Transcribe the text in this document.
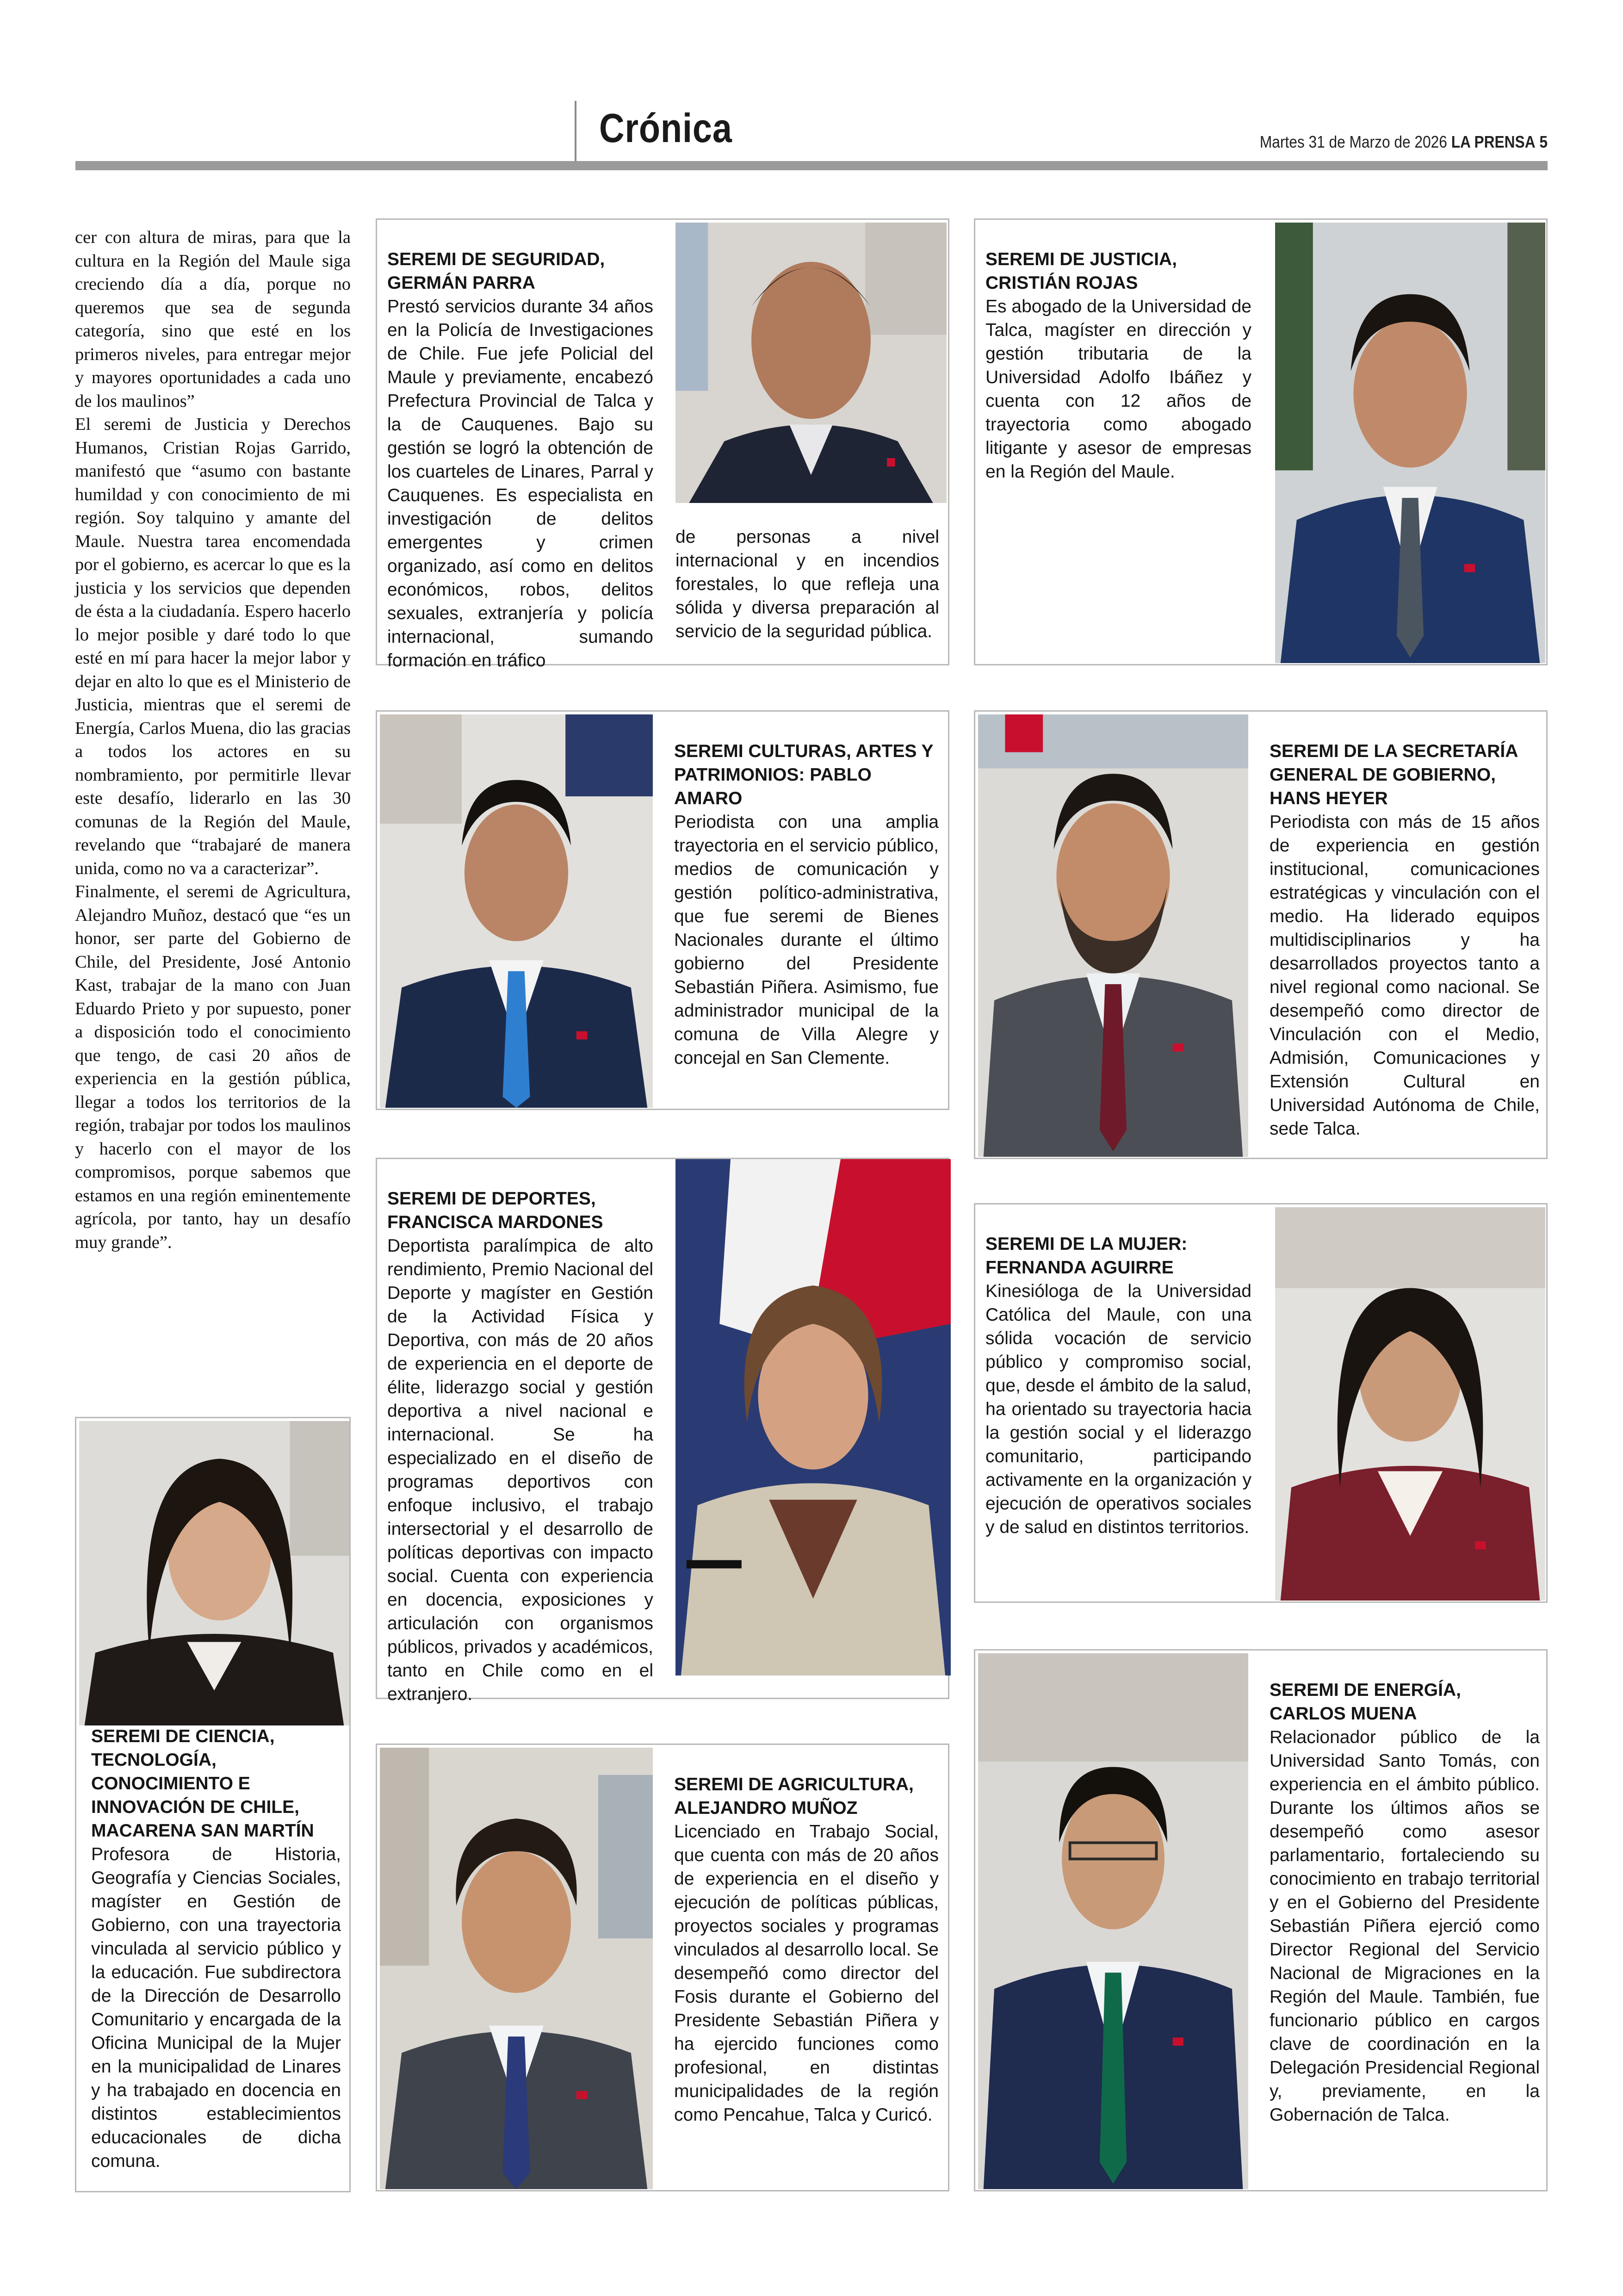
Crónica	Martes 31 de Marzo de 2026 LA PRENSA 5

cer con altura de miras, para que la cultura en la Región del Maule siga creciendo día a día, porque no queremos que sea de segunda categoría, sino que esté en los primeros niveles, para entregar mejor y mayores oportunidades a cada uno de los maulinos”

El seremi de Justicia y Derechos Humanos, Cristian Rojas Garrido, manifestó que “asumo con bastante humildad y con conocimiento de mi región. Soy talquino y amante del Maule. Nuestra tarea encomendada por el gobierno, es acercar lo que es la justicia y los servicios que dependen de ésta a la ciudadanía. Espero hacerlo lo mejor posible y daré todo lo que esté en mí para hacer la mejor labor y dejar en alto lo que es el Ministerio de Justicia, mientras que el seremi de Energía, Carlos Muena, dio las gracias a todos los actores en su nombramiento, por permitirle llevar este desafío, liderarlo en las 30 comunas de la Región del Maule, revelando que “trabajaré de manera unida, como no va a caracterizar”.

Finalmente, el seremi de Agricultura, Alejandro Muñoz, destacó que “es un honor, ser parte del Gobierno de Chile, del Presidente, José Antonio Kast, trabajar de la mano con Juan Eduardo Prieto y por supuesto, poner a disposición todo el conocimiento que tengo, de casi 20 años de experiencia en la gestión pública, llegar a todos los territorios de la región, trabajar por todos los maulinos y hacerlo con el mayor de los compromisos, porque sabemos que estamos en una región eminentemente agrícola, por tanto, hay un desafío muy grande”.

SEREMI DE SEGURIDAD, GERMÁN PARRA

Prestó servicios durante 34 años en la Policía de Investigaciones de Chile. Fue jefe Policial del Maule y previamente, encabezó Prefectura Provincial de Talca y la de Cauquenes. Bajo su gestión se logró la obtención de los cuarteles de Linares, Parral y Cauquenes. Es especialista en investigación de delitos emergentes y crimen organizado, así como en delitos económicos, robos, delitos sexuales, extranjería y policía internacional, sumando formación en tráfico

de personas a nivel internacional y en incendios forestales, lo que refleja una sólida y diversa preparación al servicio de la seguridad pública.

SEREMI DE JUSTICIA, CRISTIÁN ROJAS

Es abogado de la Universidad de Talca, magíster en dirección y gestión tributaria de la Universidad Adolfo Ibáñez y cuenta con 12 años de trayectoria como abogado litigante y asesor de empresas en la Región del Maule.

SEREMI CULTURAS, ARTES Y PATRIMONIOS: PABLO AMARO

Periodista con una amplia trayectoria en el servicio público, medios de comunicación y gestión político-administrativa, que fue seremi de Bienes Nacionales durante el último gobierno del Presidente Sebastián Piñera. Asimismo, fue administrador municipal de la comuna de Villa Alegre y concejal en San Clemente.

SEREMI DE LA SECRETARÍA GENERAL DE GOBIERNO, HANS HEYER

Periodista con más de 15 años de experiencia en gestión institucional, comunicaciones estratégicas y vinculación con el medio. Ha liderado equipos multidisciplinarios y ha desarrollados proyectos tanto a nivel regional como nacional. Se desempeñó como director de Vinculación con el Medio, Admisión, Comunicaciones y Extensión Cultural en Universidad Autónoma de Chile, sede Talca.

SEREMI DE DEPORTES, FRANCISCA MARDONES

Deportista paralímpica de alto rendimiento, Premio Nacional del Deporte y magíster en Gestión de la Actividad Física y Deportiva, con más de 20 años de experiencia en el deporte de élite, liderazgo social y gestión deportiva a nivel nacional e internacional. Se ha especializado en el diseño de programas deportivos con enfoque inclusivo, el trabajo intersectorial y el desarrollo de políticas deportivas con impacto social. Cuenta con experiencia en docencia, exposiciones y articulación con organismos públicos, privados y académicos, tanto en Chile como en el extranjero.

SEREMI DE LA MUJER: FERNANDA AGUIRRE

Kinesióloga de la Universidad Católica del Maule, con una sólida vocación de servicio público y compromiso social, que, desde el ámbito de la salud, ha orientado su trayectoria hacia la gestión social y el liderazgo comunitario, participando activamente en la organización y ejecución de operativos sociales y de salud en distintos territorios.

SEREMI DE CIENCIA, TECNOLOGÍA, CONOCIMIENTO E INNOVACIÓN DE CHILE, MACARENA SAN MARTÍN

Profesora de Historia, Geografía y Ciencias Sociales, magíster en Gestión de Gobierno, con una trayectoria vinculada al servicio público y la educación. Fue subdirectora de la Dirección de Desarrollo Comunitario y encargada de la Oficina Municipal de la Mujer en la municipalidad de Linares y ha trabajado en docencia en distintos establecimientos educacionales de dicha comuna.

SEREMI DE AGRICULTURA, ALEJANDRO MUÑOZ

Licenciado en Trabajo Social, que cuenta con más de 20 años de experiencia en el diseño y ejecución de políticas públicas, proyectos sociales y programas vinculados al desarrollo local. Se desempeñó como director del Fosis durante el Gobierno del Presidente Sebastián Piñera y ha ejercido funciones como profesional, en distintas municipalidades de la región como Pencahue, Talca y Curicó.

SEREMI DE ENERGÍA, CARLOS MUENA

Relacionador público de la Universidad Santo Tomás, con experiencia en el ámbito público. Durante los últimos años se desempeñó como asesor parlamentario, fortaleciendo su conocimiento en trabajo territorial y en el Gobierno del Presidente Sebastián Piñera ejerció como Director Regional del Servicio Nacional de Migraciones en la Región del Maule. También, fue funcionario público en cargos clave de coordinación en la Delegación Presidencial Regional y, previamente, en la Gobernación de Talca.
